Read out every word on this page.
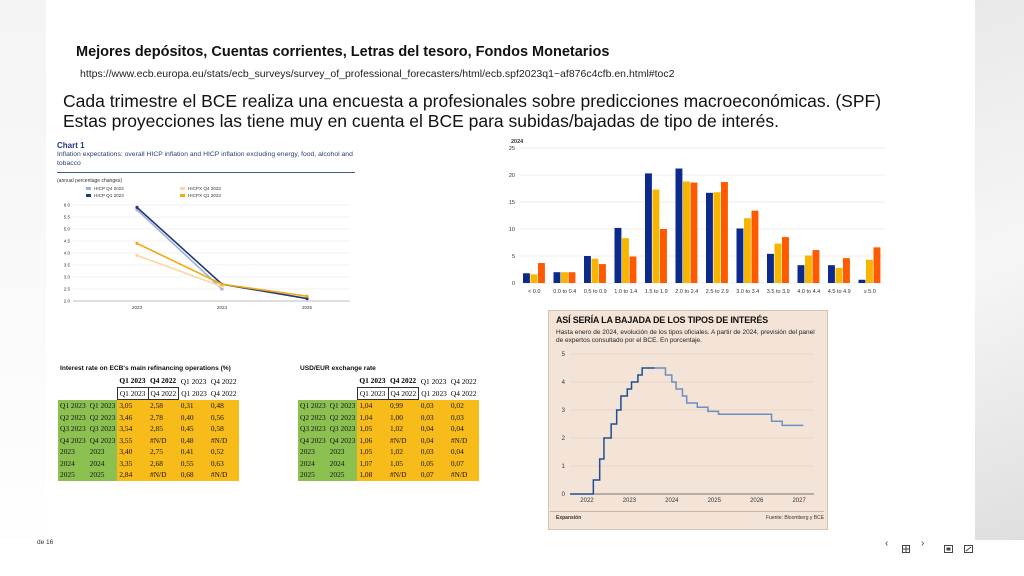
Mejores depósitos, Cuentas corrientes, Letras del tesoro, Fondos Monetarios
https://www.ecb.europa.eu/stats/ecb_surveys/survey_of_professional_forecasters/html/ecb.spf2023q1~af876c4cfb.en.html#toc2
Cada trimestre el BCE realiza una encuesta a profesionales sobre predicciones macroeconómicas. (SPF)
Estas proyecciones las tiene muy en cuenta el BCE para subidas/bajadas de tipo de interés.
Chart 1
Inflation expectations: overall HICP inflation and HICP inflation excluding energy, food, alcohol and tobacco
(annual percentage changes)
HICP Q4 2022
HICP Q1 2023
HICPX Q4 2022
HICPX Q1 2023
2.0
2.5
3.0
3.5
4.0
4.5
5.0
5.5
6.0
2023	2024	2025
2024
0
5
10
15
20
25
< 0.0 0.0 to 0.4 0.5 to 0.9 1.0 to 1.4 1.5 to 1.9 2.0 to 2.4 2.5 to 2.9 3.0 to 3.4 3.5 to 3.9 4.0 to 4.4 4.5 to 4.9 ≥ 5.0
Interest rate on ECB's main refinancing operations (%)
		Q1 2023	Q4 2022	Q1 2023	Q4 2022
		Q1 2023	Q4 2022	Q1 2023	Q4 2022
Q1 2023	Q1 2023	3,05	2,58	0,31	0,48
Q2 2023	Q2 2023	3,46	2,78	0,40	0,56
Q3 2023	Q3 2023	3,54	2,85	0,45	0,58
Q4 2023	Q4 2023	3,55	#N/D	0,48	#N/D
2023	2023	3,40	2,75	0,41	0,52
2024	2024	3,35	2,68	0,55	0,63
2025	2025	2,84	#N/D	0,68	#N/D
USD/EUR exchange rate
		Q1 2023	Q4 2022	Q1 2023	Q4 2022
		Q1 2023	Q4 2022	Q1 2023	Q4 2022
Q1 2023	Q1 2023	1,04	0,99	0,03	0,02
Q2 2023	Q2 2023	1,04	1,00	0,03	0,03
Q3 2023	Q3 2023	1,05	1,02	0,04	0,04
Q4 2023	Q4 2023	1,06	#N/D	0,04	#N/D
2023	2023	1,05	1,02	0,03	0,04
2024	2024	1,07	1,05	0,05	0,07
2025	2025	1,08	#N/D	0,07	#N/D
ASÍ SERÍA LA BAJADA DE LOS TIPOS DE INTERÉS
Hasta enero de 2024, evolución de los tipos oficiales. A partir de 2024, previsión del panel de expertos consultado por el BCE. En porcentaje.
0
1
2
3
4
5
2022	2023	2024	2025	2026	2027
Expansión	Fuente: Bloomberg y BCE
de 16	‹	›
